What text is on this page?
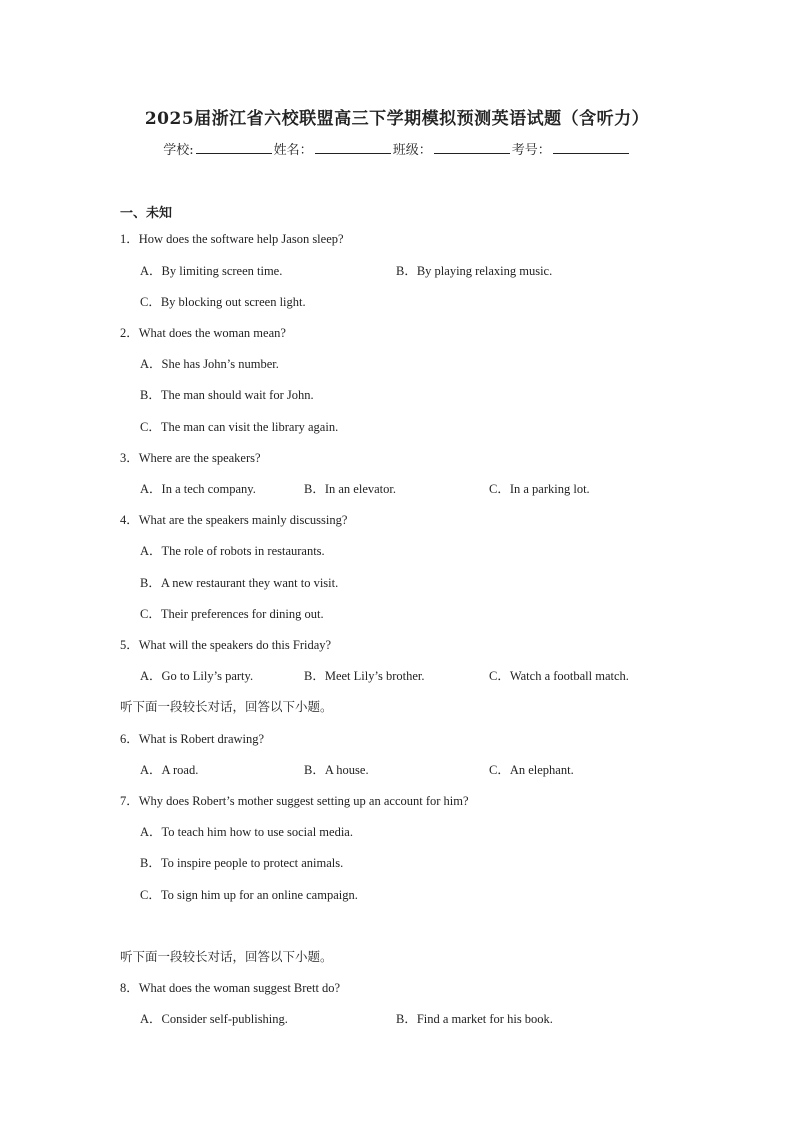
2025届浙江省六校联盟高三下学期模拟预测英语试题（含听力）
学校:	姓名：	班级：	考号：
一、未知
1．How does the software help Jason sleep?
A．By limiting screen time.	B．By playing relaxing music.
C．By blocking out screen light.
2．What does the woman mean?
A．She has John’s number.
B．The man should wait for John.
C．The man can visit the library again.
3．Where are the speakers?
A．In a tech company.	B．In an elevator.	C．In a parking lot.
4．What are the speakers mainly discussing?
A．The role of robots in restaurants.
B．A new restaurant they want to visit.
C．Their preferences for dining out.
5．What will the speakers do this Friday?
A．Go to Lily’s party.	B．Meet Lily’s brother.	C．Watch a football match.
听下面一段较长对话，回答以下小题。
6．What is Robert drawing?
A．A road.	B．A house.	C．An elephant.
7．Why does Robert’s mother suggest setting up an account for him?
A．To teach him how to use social media.
B．To inspire people to protect animals.
C．To sign him up for an online campaign.
听下面一段较长对话，回答以下小题。
8．What does the woman suggest Brett do?
A．Consider self-publishing.	B．Find a market for his book.
